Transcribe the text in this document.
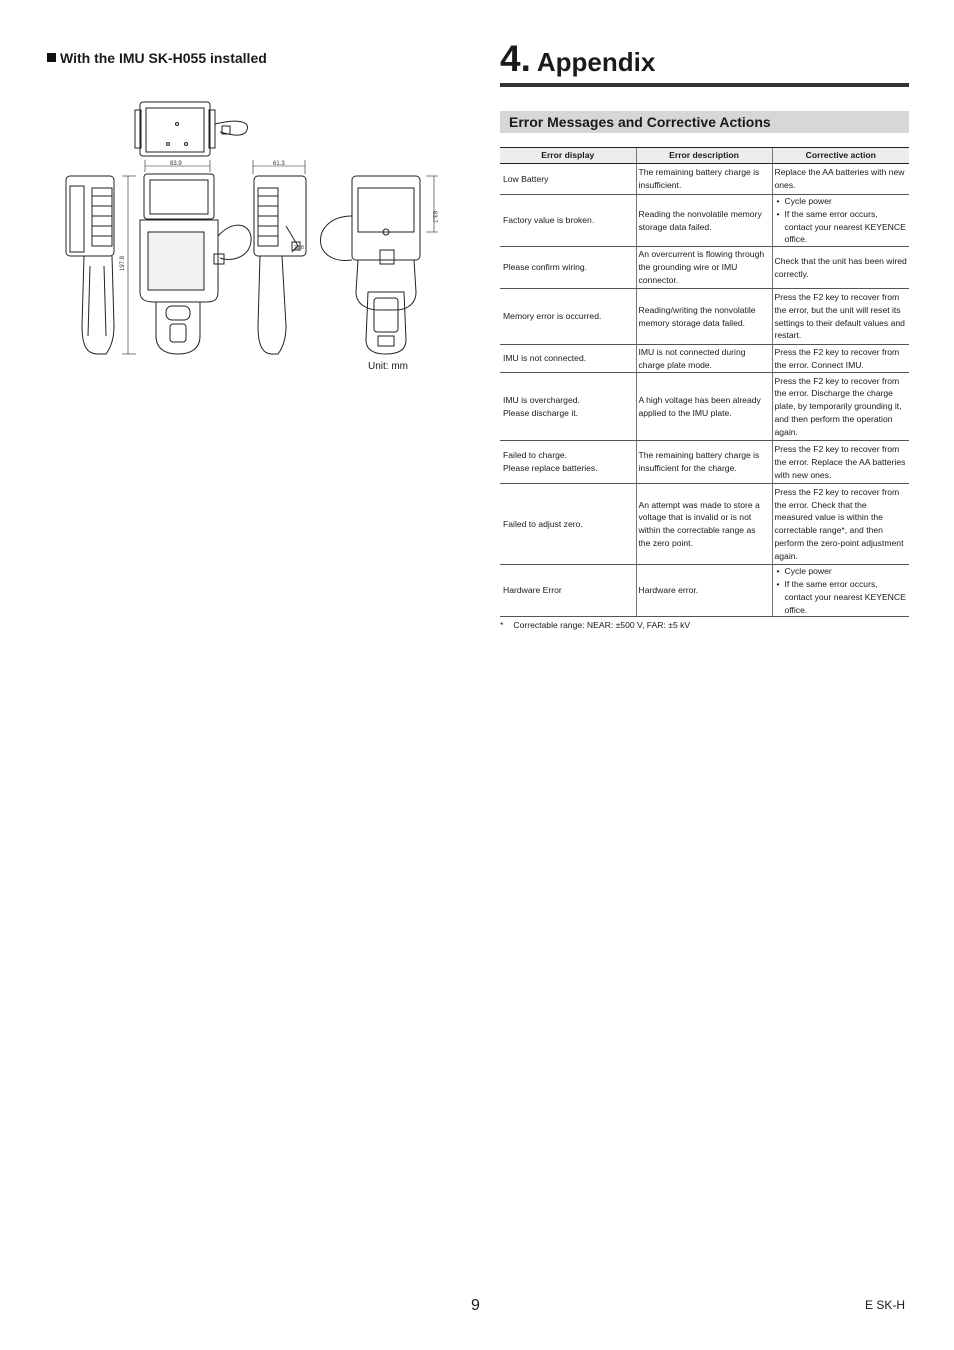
With the IMU SK-H055 installed
83.9	61.3
197.8
23.8
63.7
Unit: mm
4. Appendix
Error Messages and Corrective Actions
Error display	Error description	Corrective action

Low Battery	The remaining battery charge is insufficient.	Replace the AA batteries with new ones.

Factory value is broken.	Reading the nonvolatile memory storage data failed.	• Cycle power
• If the same error occurs, contact your nearest KEYENCE office.

Please confirm wiring.	An overcurrent is flowing through the grounding wire or IMU connector.	Check that the unit has been wired correctly.

Memory error is occurred.	Reading/writing the nonvolatile memory storage data failed.	Press the F2 key to recover from the error, but the unit will reset its settings to their default values and restart.

IMU is not connected.	IMU is not connected during charge plate mode.	Press the F2 key to recover from the error. Connect IMU.

IMU is overcharged.
Please discharge it.	A high voltage has been already applied to the IMU plate.	Press the F2 key to recover from the error. Discharge the charge plate, by temporarily grounding it, and then perform the operation again.

Failed to charge.
Please replace batteries.	The remaining battery charge is insufficient for the charge.	Press the F2 key to recover from the error. Replace the AA batteries with new ones.

Failed to adjust zero.	An attempt was made to store a voltage that is invalid or is not within the correctable range as the zero point.	Press the F2 key to recover from the error. Check that the measured value is within the correctable range*, and then perform the zero-point adjustment again.

Hardware Error	Hardware error.	• Cycle power
• If the same error occurs, contact your nearest KEYENCE office.
* Correctable range: NEAR: ±500 V, FAR: ±5 kV
9	E SK-H
